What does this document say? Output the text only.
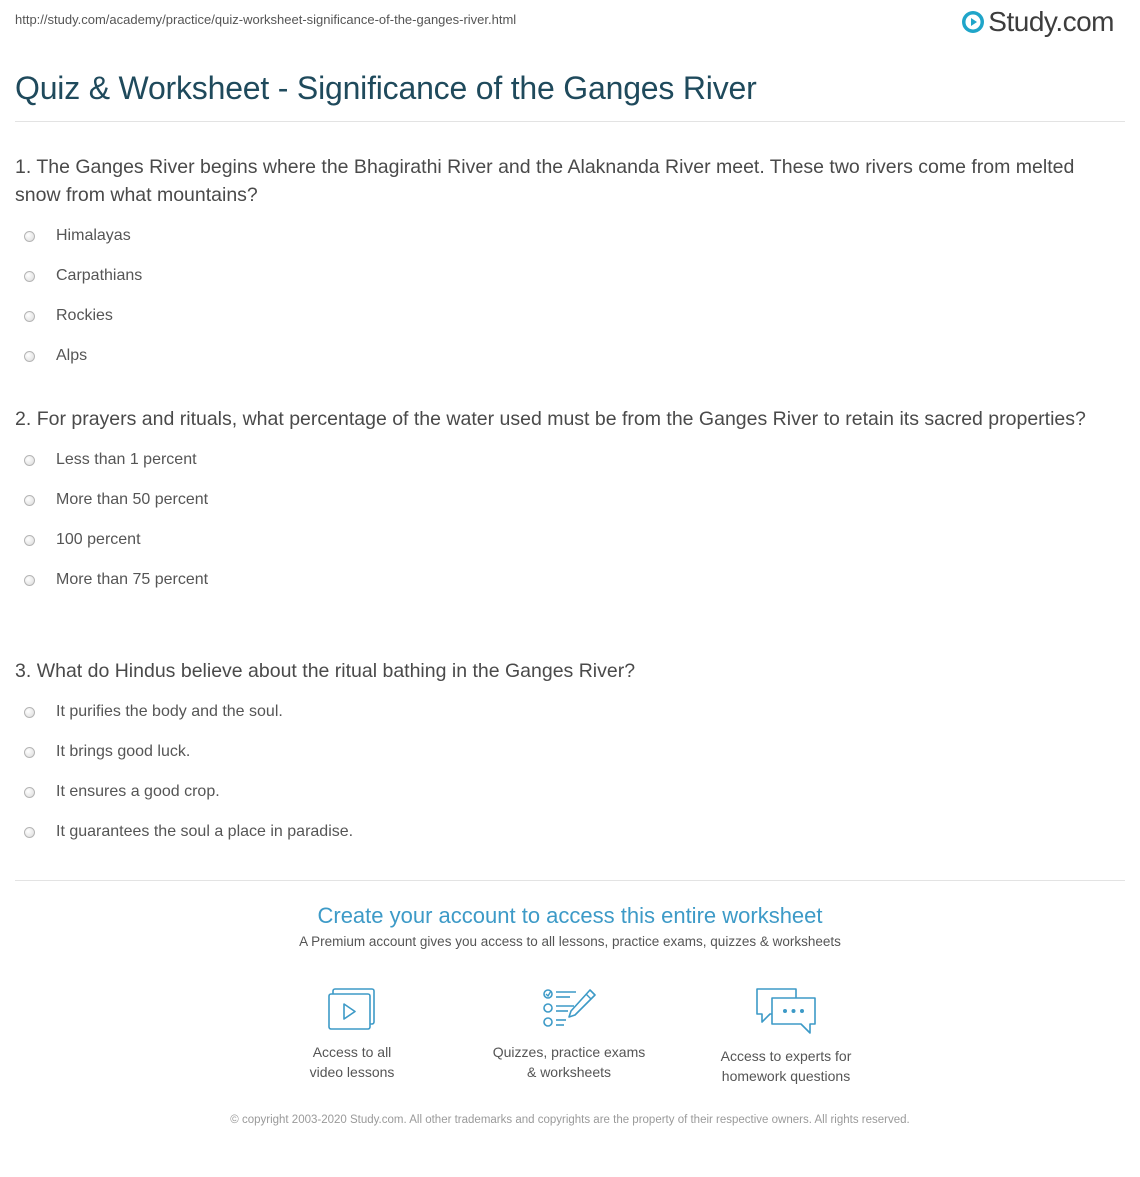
http://study.com/academy/practice/quiz-worksheet-significance-of-the-ganges-river.html	Study.com
Quiz & Worksheet - Significance of the Ganges River

1. The Ganges River begins where the Bhagirathi River and the Alaknanda River meet. These two rivers come from melted snow from what mountains?

Himalayas
Carpathians
Rockies
Alps

2. For prayers and rituals, what percentage of the water used must be from the Ganges River to retain its sacred properties?

Less than 1 percent
More than 50 percent
100 percent
More than 75 percent

3. What do Hindus believe about the ritual bathing in the Ganges River?

It purifies the body and the soul.
It brings good luck.
It ensures a good crop.
It guarantees the soul a place in paradise.
Create your account to access this entire worksheet
A Premium account gives you access to all lessons, practice exams, quizzes & worksheets
Access to all
video lessons
Quizzes, practice exams
& worksheets
Access to experts for
homework questions
© copyright 2003-2020 Study.com. All other trademarks and copyrights are the property of their respective owners. All rights reserved.
